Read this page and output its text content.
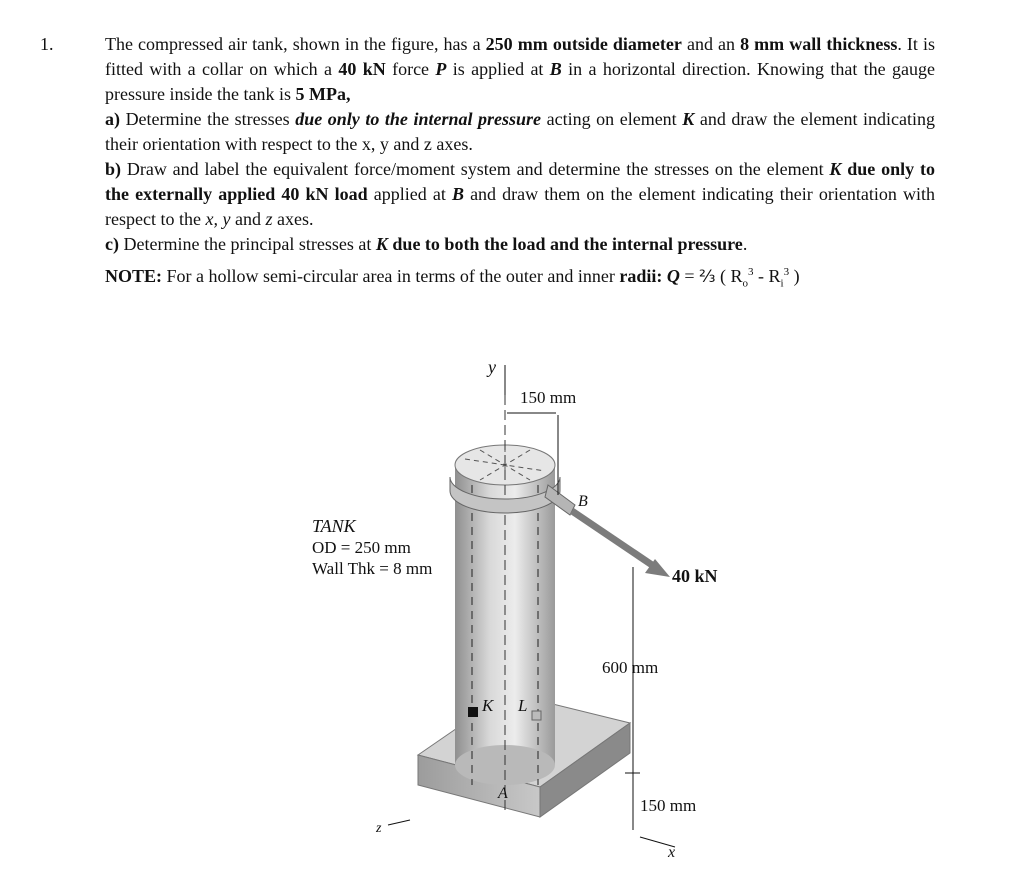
1.	The compressed air tank, shown in the figure, has a 250 mm outside diameter and an 8 mm wall thickness. It is fitted with a collar on which a 40 kN force P is applied at B in a horizontal direction. Knowing that the gauge pressure inside the tank is 5 MPa,

a) Determine the stresses due only to the internal pressure acting on element K and draw the element indicating their orientation with respect to the x, y and z axes.

b) Draw and label the equivalent force/moment system and determine the stresses on the element K due only to the externally applied 40 kN load applied at B and draw them on the element indicating their orientation with respect to the x, y and z axes.

c) Determine the principal stresses at K due to both the load and the internal pressure.

NOTE: For a hollow semi-circular area in terms of the outer and inner radii: Q = ⅔ ( $R_o^3 - R_i^3$ )

y
150 mm
B
40 kN
TANK
OD = 250 mm
Wall Thk = 8 mm
600 mm
150 mm
K L
A
x
z
